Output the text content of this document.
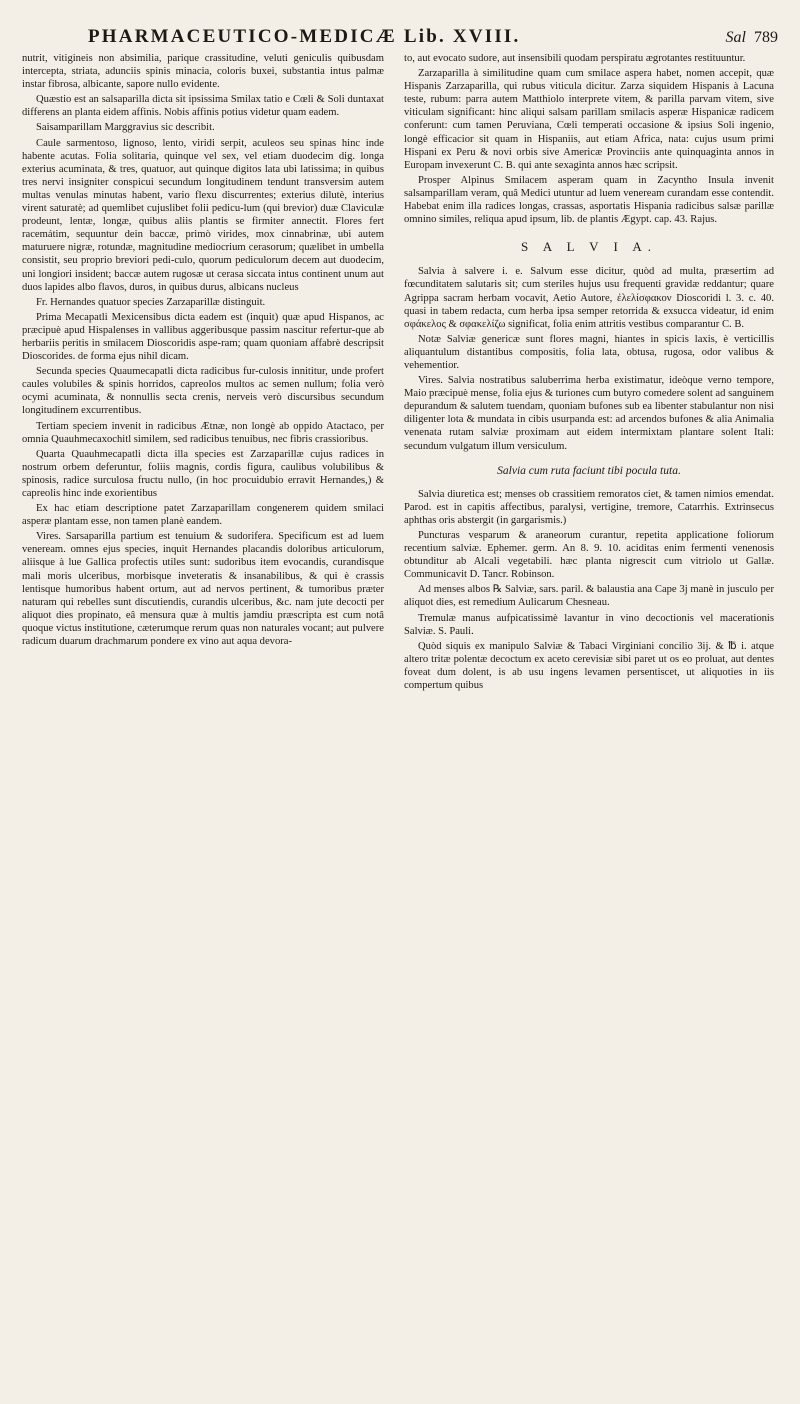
PHARMACEUTICO-MEDICÆ Lib. XVIII.	Sal 789

nutrit, vitigineis non absimilia, parique crassitudine, veluti geniculis quibusdam intercepta, striata, adunciis spinis minacia, coloris buxei, substantia intus palmæ instar fibrosa, albicante, sapore nullo evidente.

Quæstio est an salsaparilla dicta sit ipsissima Smilax tatio e Cœli & Soli duntaxat differens an planta eidem affinis. Nobis affinis potius videtur quam eadem.

Saisamparillam Marggravius sic describit.

Caule sarmentoso, lignoso, lento, viridi serpit, aculeos seu spinas hinc inde habente acutas. Folia solitaria, quinque vel sex, vel etiam duodecim dig. longa exterius acuminata, & tres, quatuor, aut quinque digitos lata ubi latissima; in quibus tres nervi insigniter conspicui secundum longitudinem tendunt transversim autem multas venulas minutas habent, vario flexu discurrentes; exterius dilutè, interius virent saturatè; ad quemlibet cujuslibet folii pedicu-lum (qui brevior) duæ Claviculæ prodeunt, lentæ, longæ, quibus aliis plantis se firmiter annectit. Flores fert racemátim, sequuntur dein baccæ, primò virides, mox cinnabrinæ, ubi autem maturuere nigræ, rotundæ, magnitudine mediocrium cerasorum; quælibet in umbella consistit, seu proprio breviori pedi-culo, quorum pediculorum decem aut duodecim, uni longiori insident; baccæ autem rugosæ ut cerasa siccata intus continent unum aut duos lapides albo flavos, duros, in quibus durus, albicans nucleus

Fr. Hernandes quatuor species Zarzaparillæ distinguit.

Prima Mecapatli Mexicensibus dicta eadem est (inquit) quæ apud Hispanos, ac præcipuè apud Hispalenses in vallibus aggeribusque passim nascitur refertur-que ab herbariis peritis in smilacem Dioscoridis aspe-ram; quam quoniam affabrè descripsit Dioscorides. de forma ejus nihil dicam.

Secunda species Quaumecapatli dicta radicibus fur-culosis innititur, unde profert caules volubiles & spinis horridos, capreolos multos ac semen nullum; folia verò ocymi acuminata, & nonnullis secta crenis, nerveis verò discursibus secundum longitudinem excurrentibus.

Tertiam speciem invenit in radicibus Ætnæ, non longè ab oppido Atactaco, per omnia Quauhmecaxochitl similem, sed radicibus tenuibus, nec fibris crassioribus.

Quarta Quauhmecapatli dicta illa species est Zarzaparillæ cujus radices in nostrum orbem deferuntur, foliis magnis, cordis figura, caulibus volubilibus & spinosis, radice surculosa fructu nullo, (in hoc procuidubio erravit Hernandes,) & capreolis hinc inde exorientibus

Ex hac etiam descriptione patet Zarzaparillam congenerem quidem smilaci asperæ plantam esse, non tamen planè eandem.

Vires. Sarsaparilla partium est tenuium & sudorifera. Specificum est ad luem veneream. omnes ejus species, inquit Hernandes placandis doloribus articulorum, aliisque à lue Gallica profectis utiles sunt: sudoribus item evocandis, curandisque mali moris ulceribus, morbisque inveteratis & insanabilibus, & qui è crassis lentisque humoribus habent ortum, aut ad nervos pertinent, & tumoribus præter naturam qui rebelles sunt discutiendis, curandis ulceribus, &c. nam jute decocti per aliquot dies propinato, eâ mensura quæ à multis jamdiu præscripta est cum notâ quoque victus institutione, cæterumque rerum quas non naturales vocant; aut pulvere radicum duarum drachmarum pondere ex vino aut aqua devora-

to, aut evocato sudore, aut insensibili quodam perspiratu ægrotantes restituuntur.

Zarzaparilla à similitudine quam cum smilace aspera habet, nomen accepit, quæ Hispanis Zarzaparilla, qui rubus viticula dicitur. Zarza siquidem Hispanis à Lacuna teste, rubum: parra autem Matthiolo interprete vitem, & parilla parvam vitem, sive viticulam significant: hinc aliqui salsam parillam smilacis asperæ Hispanicæ radicem conferunt: cum tamen Peruviana, Cœli temperati occasione & ipsius Soli ingenio, longè efficacior sit quam in Hispaniis, aut etiam Africa, nata: cujus usum primi Hispani ex Peru & novi orbis sive Americæ Provinciis ante quinquaginta annos in Europam invexerunt C. B. qui ante sexaginta annos hæc scripsit.

Prosper Alpinus Smilacem asperam quam in Zacyntho Insula invenit salsamparillam veram, quâ Medici utuntur ad luem veneream curandam esse contendit. Habebat enim illa radices longas, crassas, asportatis Hispania radicibus salsæ parillæ omnino similes, reliqua apud ipsum, lib. de plantis Ægypt. cap. 43. Rajus.

S A L V I A.

Salvia à salvere i. e. Salvum esse dicitur, quòd ad multa, præsertim ad fœcunditatem salutaris sit; cum steriles hujus usu frequenti gravidæ reddantur; quare Agrippa sacram herbam vocavit, Aetio Autore, ἐλελίσφακον Dioscoridi l. 3. c. 40. quasi in tabem redacta, cum herba ipsa semper retorrida & exsucca videatur, id enim σφάκελος & σφακελίζω significat, folia enim attritis vestibus comparantur C. B.

Notæ Salviæ genericæ sunt flores magni, hiantes in spicis laxis, è verticillis aliquantulum distantibus compositis, folia lata, obtusa, rugosa, odor valibus & vehementior.

Vires. Salvia nostratibus saluberrima herba existimatur, ideòque verno tempore, Maio præcipuè mense, folia ejus & turiones cum butyro comedere solent ad sanguinem depurandum & salutem tuendam, quoniam bufones sub ea libenter stabulantur non nisi diligenter lota & mundata in cibis usurpanda est: ad arcendos bufones & alia Animalia venenata rutam salviæ proximam aut eidem intermixtam plantare solent Itali: secundum vulgatum illum versiculum.

Salvia cum ruta faciunt tibi pocula tuta.

Salvia diuretica est; menses ob crassitiem remoratos ciet, & tamen nimios emendat. Parod. est in capitis affectibus, paralysi, vertigine, tremore, Catarrhis. Extrinsecus aphthas oris abstergit (in gargarismis.)

Puncturas vesparum & araneorum curantur, repetita applicatione foliorum recentium salviæ. Ephemer. germ. An 8. 9. 10. aciditas enim fermenti venenosis obtunditur ab Alcali vegetabili. hæc planta nigrescit cum vitriolo ut Gallæ. Communicavit D. Tancr. Robinson.

Ad menses albos ℞ Salviæ, sars. paril. & balaustia ana Cape 3j manè in jusculo per aliquot dies, est remedium Aulicarum Chesneau.

Tremulæ manus aufpicatissimè lavantur in vino decoctionis vel macerationis Salviæ. S. Pauli.

Quòd siquis ex manipulo Salviæ & Tabaci Virginiani concilio 3ij. & ℔ i. atque altero tritæ polentæ decoctum ex aceto cerevisiæ sibi paret ut os eo proluat, aut dentes foveat dum dolent, is ab usu ingens levamen persentiscet, ut aliquoties in iis compertum quibus
